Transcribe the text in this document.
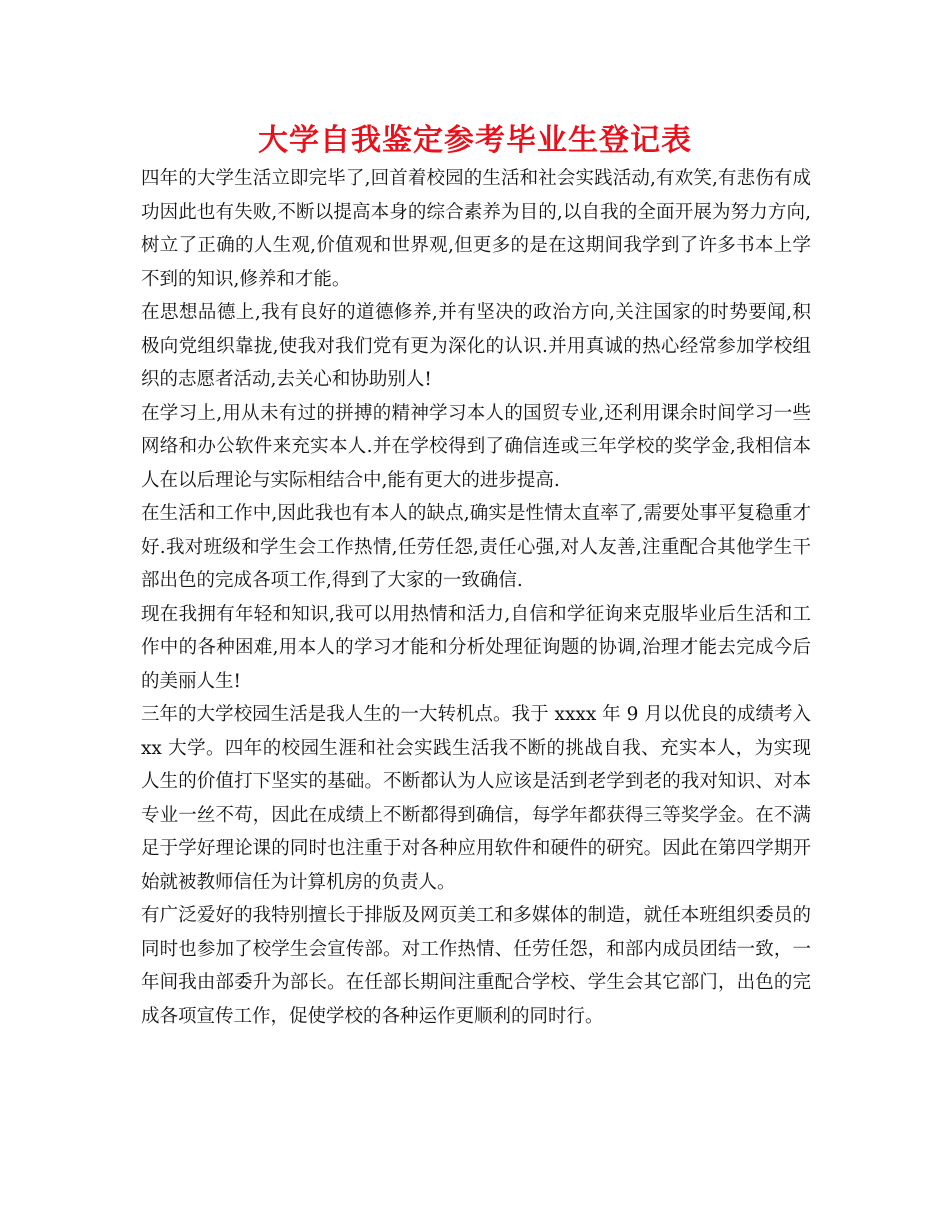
大学自我鉴定参考毕业生登记表

四年的大学生活立即完毕了,回首着校园的生活和社会实践活动,有欢笑,有悲伤有成功因此也有失败,不断以提高本身的综合素养为目的,以自我的全面开展为努力方向,树立了正确的人生观,价值观和世界观,但更多的是在这期间我学到了许多书本上学不到的知识,修养和才能。

在思想品德上,我有良好的道德修养,并有坚决的政治方向,关注国家的时势要闻,积极向党组织靠拢,使我对我们党有更为深化的认识.并用真诚的热心经常参加学校组织的志愿者活动,去关心和协助别人!

在学习上,用从未有过的拼搏的精神学习本人的国贸专业,还利用课余时间学习一些网络和办公软件来充实本人.并在学校得到了确信连或三年学校的奖学金,我相信本人在以后理论与实际相结合中,能有更大的进步提高.

在生活和工作中,因此我也有本人的缺点,确实是性情太直率了,需要处事平复稳重才好.我对班级和学生会工作热情,任劳任怨,责任心强,对人友善,注重配合其他学生干部出色的完成各项工作,得到了大家的一致确信.

现在我拥有年轻和知识,我可以用热情和活力,自信和学征询来克服毕业后生活和工作中的各种困难,用本人的学习才能和分析处理征询题的协调,治理才能去完成今后的美丽人生!

三年的大学校园生活是我人生的一大转机点。我于 xxxx 年 9 月以优良的成绩考入 xx 大学。四年的校园生涯和社会实践生活我不断的挑战自我、充实本人，为实现人生的价值打下坚实的基础。不断都认为人应该是活到老学到老的我对知识、对本专业一丝不苟，因此在成绩上不断都得到确信，每学年都获得三等奖学金。在不满足于学好理论课的同时也注重于对各种应用软件和硬件的研究。因此在第四学期开始就被教师信任为计算机房的负责人。

有广泛爱好的我特别擅长于排版及网页美工和多媒体的制造，就任本班组织委员的同时也参加了校学生会宣传部。对工作热情、任劳任怨，和部内成员团结一致，一年间我由部委升为部长。在任部长期间注重配合学校、学生会其它部门，出色的完成各项宣传工作，促使学校的各种运作更顺利的同时行。
